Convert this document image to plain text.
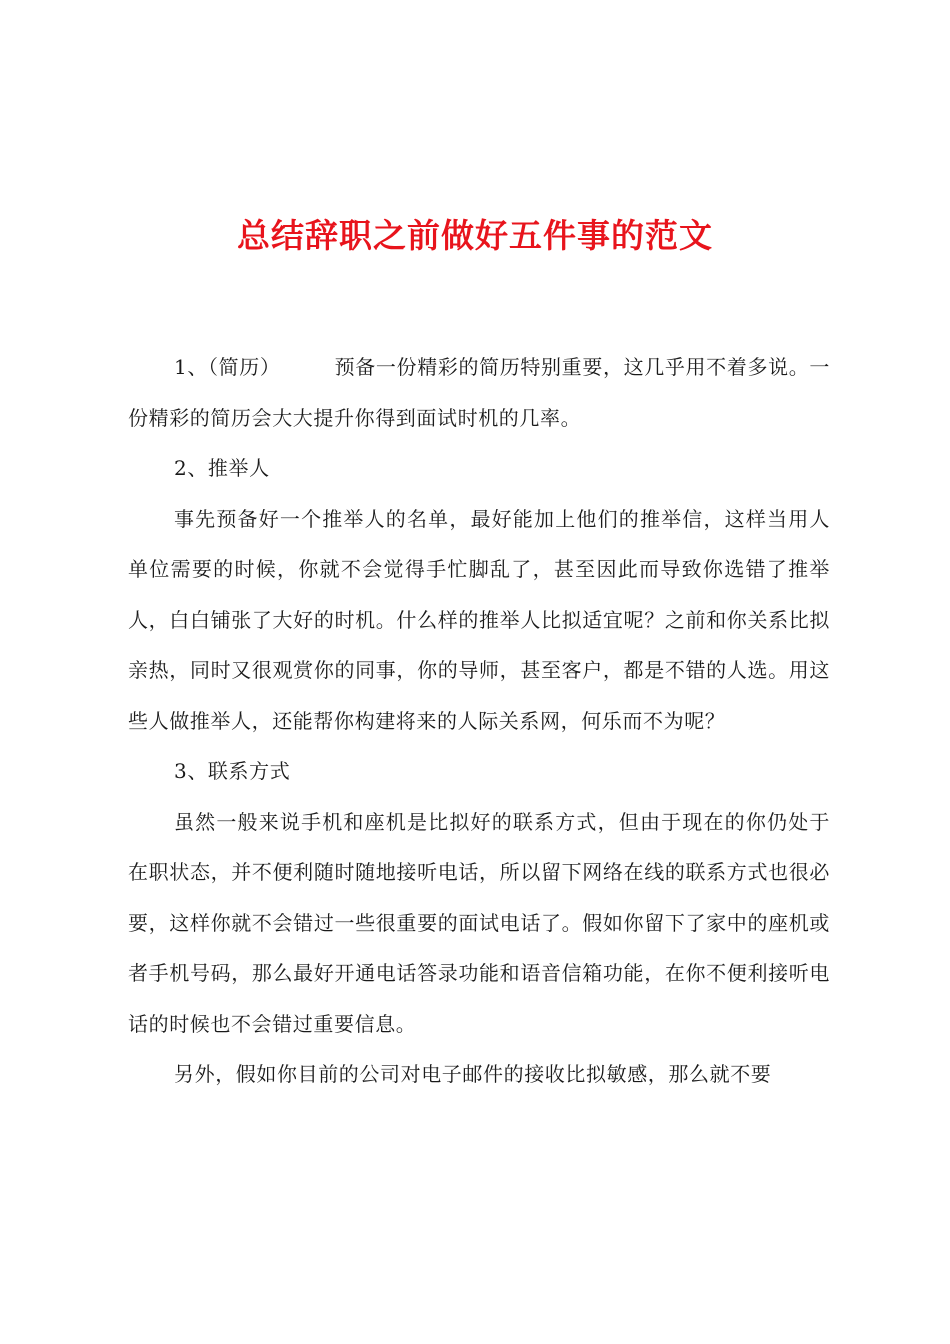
总结辞职之前做好五件事的范文

1、（简历）	预备一份精彩的简历特别重要，这几乎用不着多说。一份精彩的简历会大大提升你得到面试时机的几率。

2、推举人

事先预备好一个推举人的名单，最好能加上他们的推举信，这样当用人单位需要的时候，你就不会觉得手忙脚乱了，甚至因此而导致你选错了推举人，白白铺张了大好的时机。什么样的推举人比拟适宜呢？之前和你关系比拟亲热，同时又很观赏你的同事，你的导师，甚至客户，都是不错的人选。用这些人做推举人，还能帮你构建将来的人际关系网，何乐而不为呢？

3、联系方式

虽然一般来说手机和座机是比拟好的联系方式，但由于现在的你仍处于在职状态，并不便利随时随地接听电话，所以留下网络在线的联系方式也很必要，这样你就不会错过一些很重要的面试电话了。假如你留下了家中的座机或者手机号码，那么最好开通电话答录功能和语音信箱功能，在你不便利接听电话的时候也不会错过重要信息。

另外，假如你目前的公司对电子邮件的接收比拟敏感，那么就不要
